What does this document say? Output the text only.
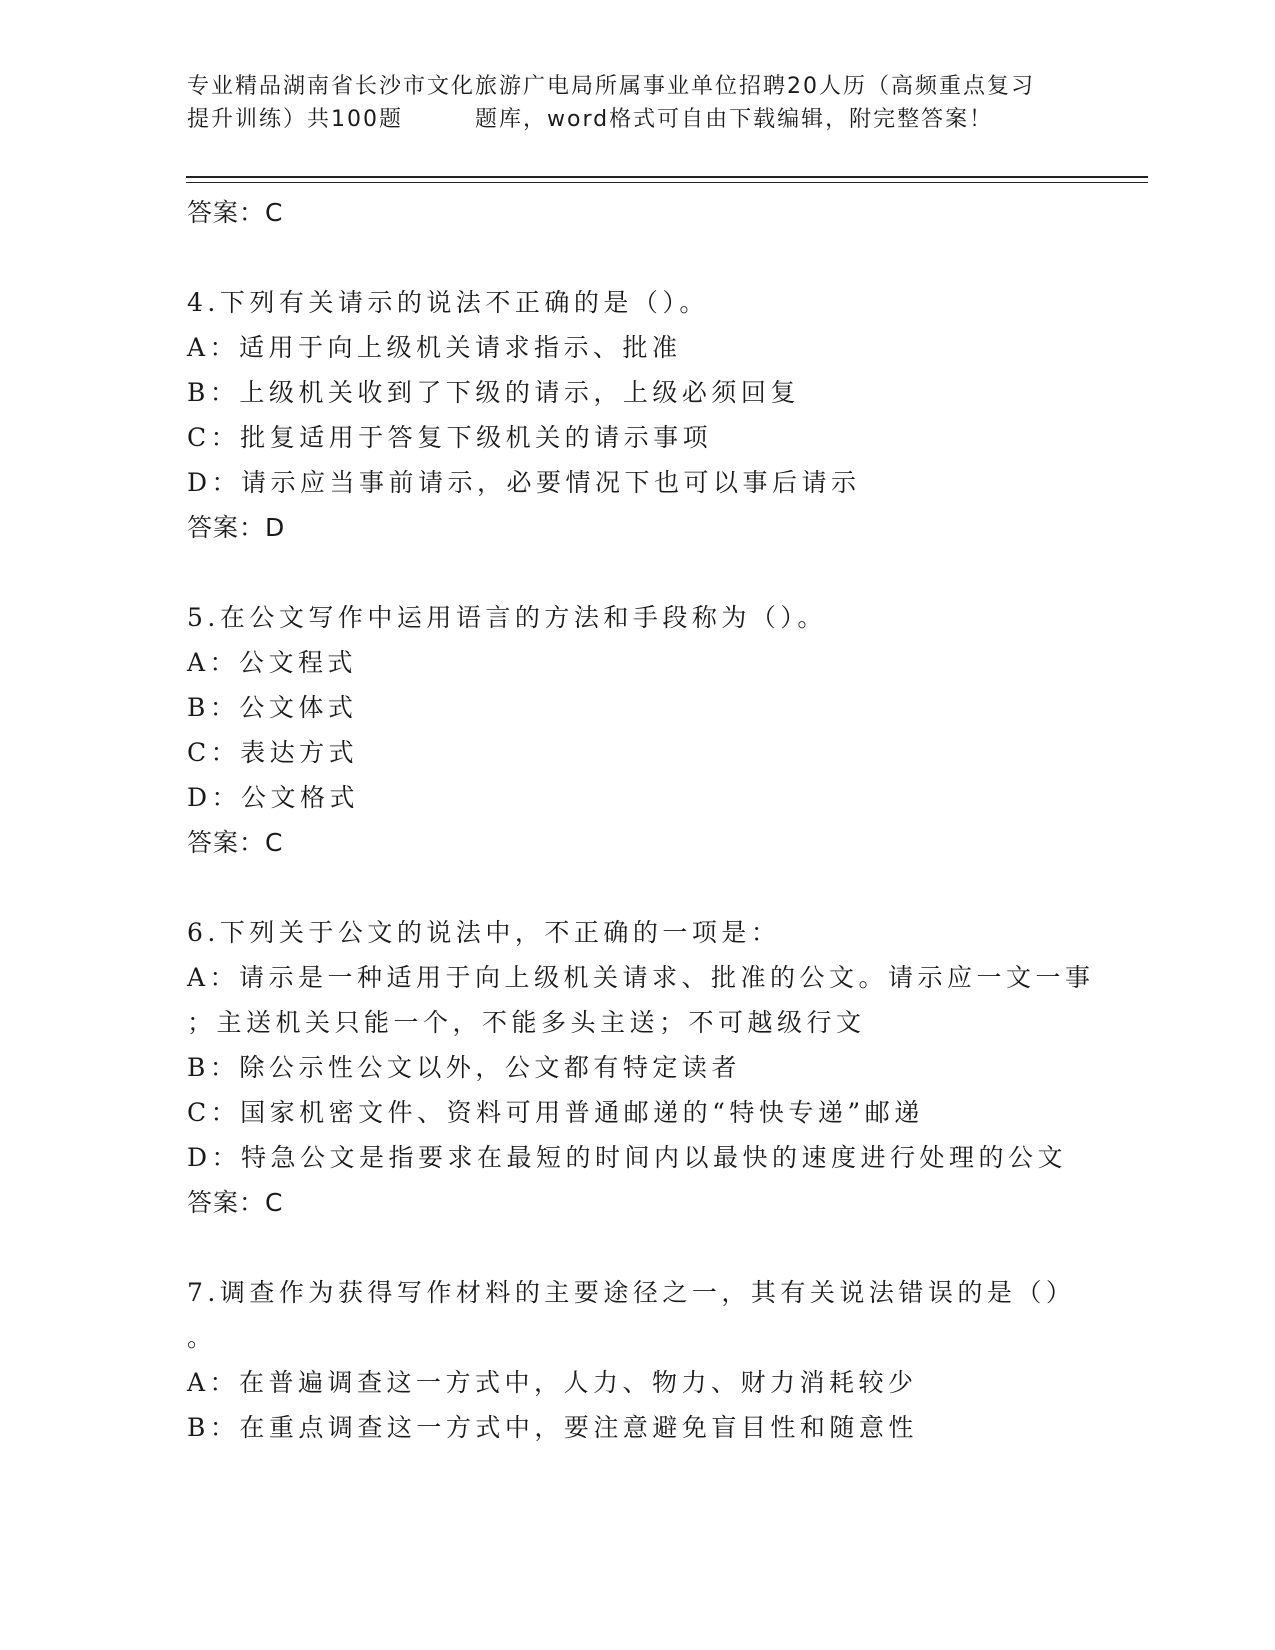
专业精品湖南省长沙市文化旅游广电局所属事业单位招聘20人历（高频重点复习
提升训练）共100题	题库，word格式可自由下载编辑，附完整答案！
答案：C
4.下列有关请示的说法不正确的是（）。
A：适用于向上级机关请求指示、批准
B：上级机关收到了下级的请示，上级必须回复
C：批复适用于答复下级机关的请示事项
D：请示应当事前请示，必要情况下也可以事后请示
答案：D
5.在公文写作中运用语言的方法和手段称为（）。
A：公文程式
B：公文体式
C：表达方式
D：公文格式
答案：C
6.下列关于公文的说法中，不正确的一项是：
A：请示是一种适用于向上级机关请求、批准的公文。请示应一文一事
；主送机关只能一个，不能多头主送；不可越级行文
B：除公示性公文以外，公文都有特定读者
C：国家机密文件、资料可用普通邮递的“特快专递”邮递
D：特急公文是指要求在最短的时间内以最快的速度进行处理的公文
答案：C
7.调查作为获得写作材料的主要途径之一，其有关说法错误的是（）
。
A：在普遍调查这一方式中，人力、物力、财力消耗较少
B：在重点调查这一方式中，要注意避免盲目性和随意性
